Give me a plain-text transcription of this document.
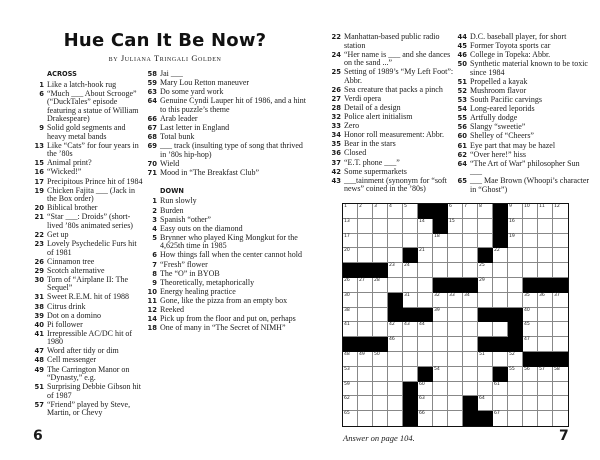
Hue Can It Be Now?
by Juliana Tringali Golden
ACROSS
1 Like a latch-hook rug
6 “Much ___ About Scrooge” (“DuckTales” episode featuring a statue of William Drakespeare)
9 Solid gold segments and heavy metal bands
13 Like “Cats” for four years in the ’80s
15 Animal print?
16 “Wicked!”
17 Precipitous Prince hit of 1984
19 Chicken Fajita ___ (Jack in the Box order)
20 Biblical brother
21 “Star ___: Droids” (short-lived ’80s animated series)
22 Get up
23 Lovely Psychedelic Furs hit of 1981
26 Cinnamon tree
29 Scotch alternative
30 Torn of “Airplane II: The Sequel”
31 Sweet R.E.M. hit of 1988
38 Citrus drink
39 Dot on a domino
40 Pi follower
41 Irrepressible AC/DC hit of 1980
47 Word after tidy or dim
48 Cell messenger
49 The Carrington Manor on “Dynasty,” e.g.
51 Surprising Debbie Gibson hit of 1987
57 “Friend” played by Steve, Martin, or Chevy
58 Jai ___
59 Mary Lou Retton maneuver
63 Do some yard work
64 Genuine Cyndi Lauper hit of 1986, and a hint to this puzzle’s theme
66 Arab leader
67 Last letter in England
68 Total bunk
69 ___ track (insulting type of song that thrived in ’80s hip-hop)
70 Wield
71 Mood in “The Breakfast Club”
DOWN
1 Run slowly
2 Burden
3 Spanish “other”
4 Easy outs on the diamond
5 Brynner who played King Mongkut for the 4,625th time in 1985
6 How things fall when the center cannot hold
7 “Fresh” flower
8 The “O” in BYOB
9 Theoretically, metaphorically
10 Energy healing practice
11 Gone, like the pizza from an empty box
12 Reeked
14 Pick up from the floor and put on, perhaps
18 One of many in “The Secret of NIMH”
22 Manhattan-based public radio station
24 “Her name is ___ and she dances on the sand ...”
25 Setting of 1989’s “My Left Foot”: Abbr.
26 Sea creature that packs a pinch
27 Verdi opera
28 Detail of a design
32 Police alert initialism
33 Zero
34 Honor roll measurement: Abbr.
35 Bear in the stars
36 Closed
37 “E.T. phone ___”
42 Some supermarkets
43 ___tainment (synonym for “soft news” coined in the ’80s)
44 D.C. baseball player, for short
45 Former Toyota sports car
46 College in Topeka: Abbr.
50 Synthetic material known to be toxic since 1984
51 Propelled a kayak
52 Mushroom flavor
53 South Pacific carvings
54 Long-eared leporids
55 Artfully dodge
56 Slangy “sweetie”
60 Shelley of “Cheers”
61 Eye part that may be hazel
62 “Over here!” hiss
64 “The Art of War” philosopher Sun ___
65 ___ Mae Brown (Whoopi’s character in “Ghost”)
1	2	3	4	5	6	7	8	9	10 11 12
13	14	15	16
17	18	19
20	21	22
23 24	25
26 27 28	29
30	31	32 33 34	35 36 37
38	39	40
41	42 43 44	45
46	47
48 49 50	51	52
53	54	55 56 57 58
59	60	61
62	63	64
65	66	67
6	Answer on page 104.	7
